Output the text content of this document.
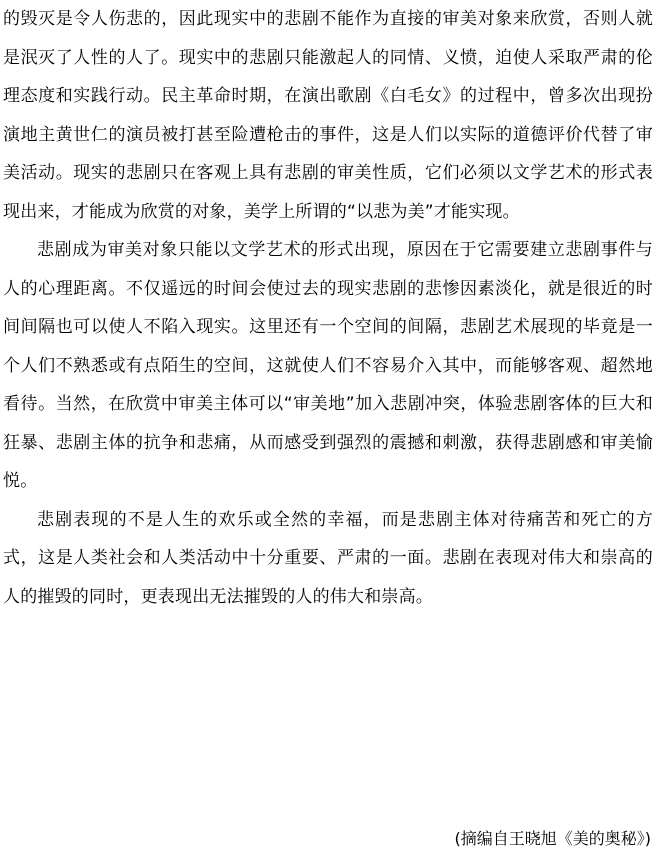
的毁灭是令人伤悲的，因此现实中的悲剧不能作为直接的审美对象来欣赏，否则人就是泯灭了人性的人了。现实中的悲剧只能激起人的同情、义愤，迫使人采取严肃的伦理态度和实践行动。民主革命时期，在演出歌剧《白毛女》的过程中，曾多次出现扮演地主黄世仁的演员被打甚至险遭枪击的事件，这是人们以实际的道德评价代替了审美活动。现实的悲剧只在客观上具有悲剧的审美性质，它们必须以文学艺术的形式表现出来，才能成为欣赏的对象，美学上所谓的“以悲为美”才能实现。

悲剧成为审美对象只能以文学艺术的形式出现，原因在于它需要建立悲剧事件与人的心理距离。不仅遥远的时间会使过去的现实悲剧的悲惨因素淡化，就是很近的时间间隔也可以使人不陷入现实。这里还有一个空间的间隔，悲剧艺术展现的毕竟是一个人们不熟悉或有点陌生的空间，这就使人们不容易介入其中，而能够客观、超然地看待。当然，在欣赏中审美主体可以“审美地”加入悲剧冲突，体验悲剧客体的巨大和狂暴、悲剧主体的抗争和悲痛，从而感受到强烈的震撼和刺激，获得悲剧感和审美愉悦。

悲剧表现的不是人生的欢乐或全然的幸福，而是悲剧主体对待痛苦和死亡的方式，这是人类社会和人类活动中十分重要、严肃的一面。悲剧在表现对伟大和崇高的人的摧毁的同时，更表现出无法摧毁的人的伟大和崇高。

(摘编自王晓旭《美的奥秘》)
